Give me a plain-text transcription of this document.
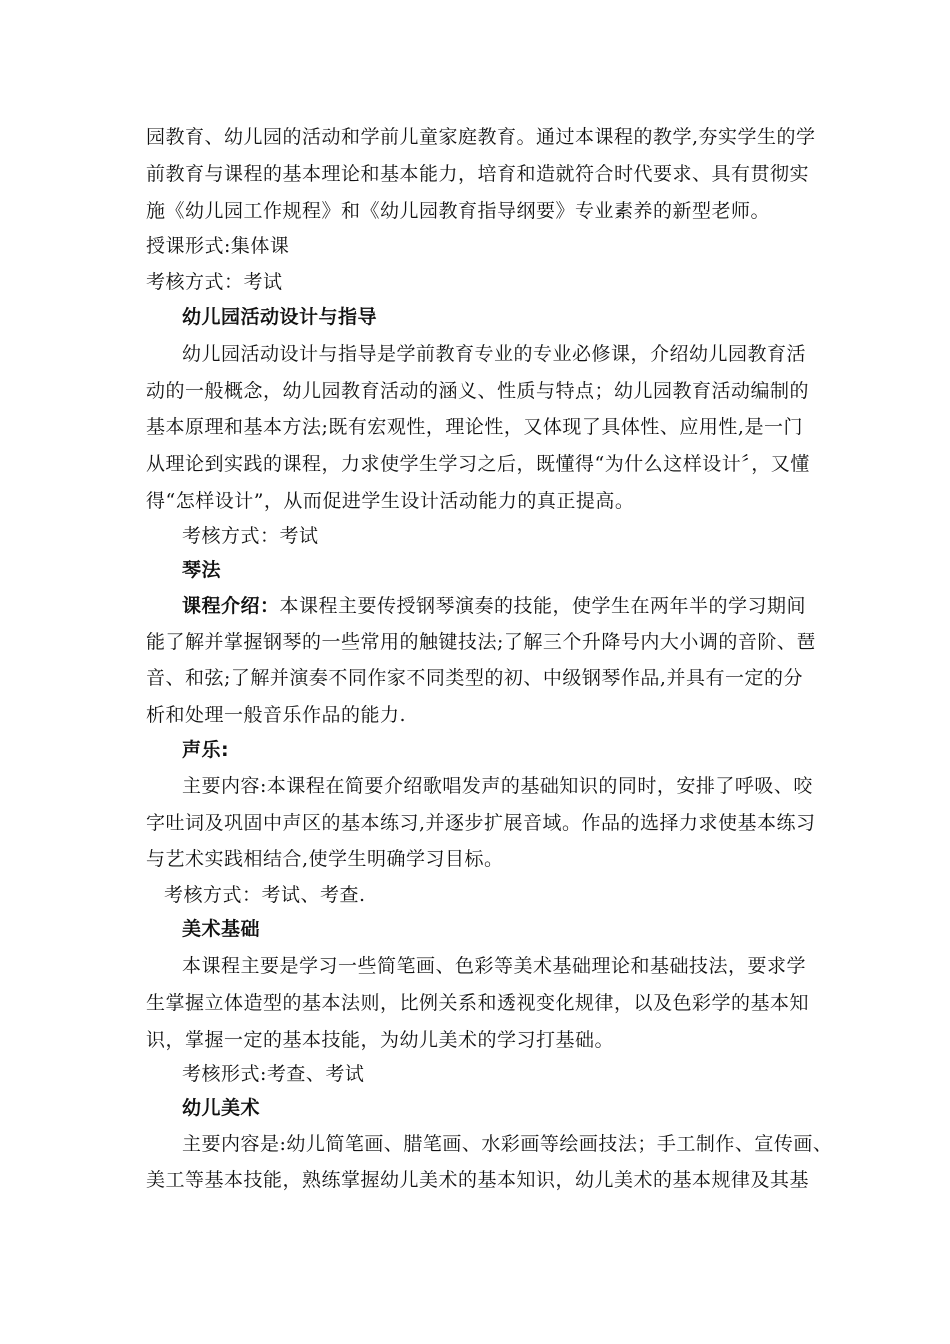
园教育、幼儿园的活动和学前儿童家庭教育。通过本课程的教学,夯实学生的学
前教育与课程的基本理论和基本能力，培育和造就符合时代要求、具有贯彻实
施《幼儿园工作规程》和《幼儿园教育指导纲要》专业素养的新型老师。
授课形式:集体课
考核方式：考试
幼儿园活动设计与指导
幼儿园活动设计与指导是学前教育专业的专业必修课，介绍幼儿园教育活
动的一般概念，幼儿园教育活动的涵义、性质与特点；幼儿园教育活动编制的
基本原理和基本方法;既有宏观性，理论性，又体现了具体性、应用性,是一门
从理论到实践的课程，力求使学生学习之后，既懂得“为什么这样设计〞，又懂
得“怎样设计”，从而促进学生设计活动能力的真正提高。
考核方式：考试
琴法
课程介绍：本课程主要传授钢琴演奏的技能，使学生在两年半的学习期间
能了解并掌握钢琴的一些常用的触键技法;了解三个升降号内大小调的音阶、琶
音、和弦;了解并演奏不同作家不同类型的初、中级钢琴作品,并具有一定的分
析和处理一般音乐作品的能力.
声乐:
主要内容:本课程在简要介绍歌唱发声的基础知识的同时，安排了呼吸、咬
字吐词及巩固中声区的基本练习,并逐步扩展音域。作品的选择力求使基本练习
与艺术实践相结合,使学生明确学习目标。
考核方式：考试、考查.
美术基础
本课程主要是学习一些简笔画、色彩等美术基础理论和基础技法，要求学
生掌握立体造型的基本法则，比例关系和透视变化规律，以及色彩学的基本知
识，掌握一定的基本技能，为幼儿美术的学习打基础。
考核形式:考查、考试
幼儿美术
主要内容是:幼儿简笔画、腊笔画、水彩画等绘画技法；手工制作、宣传画、
美工等基本技能，熟练掌握幼儿美术的基本知识，幼儿美术的基本规律及其基
